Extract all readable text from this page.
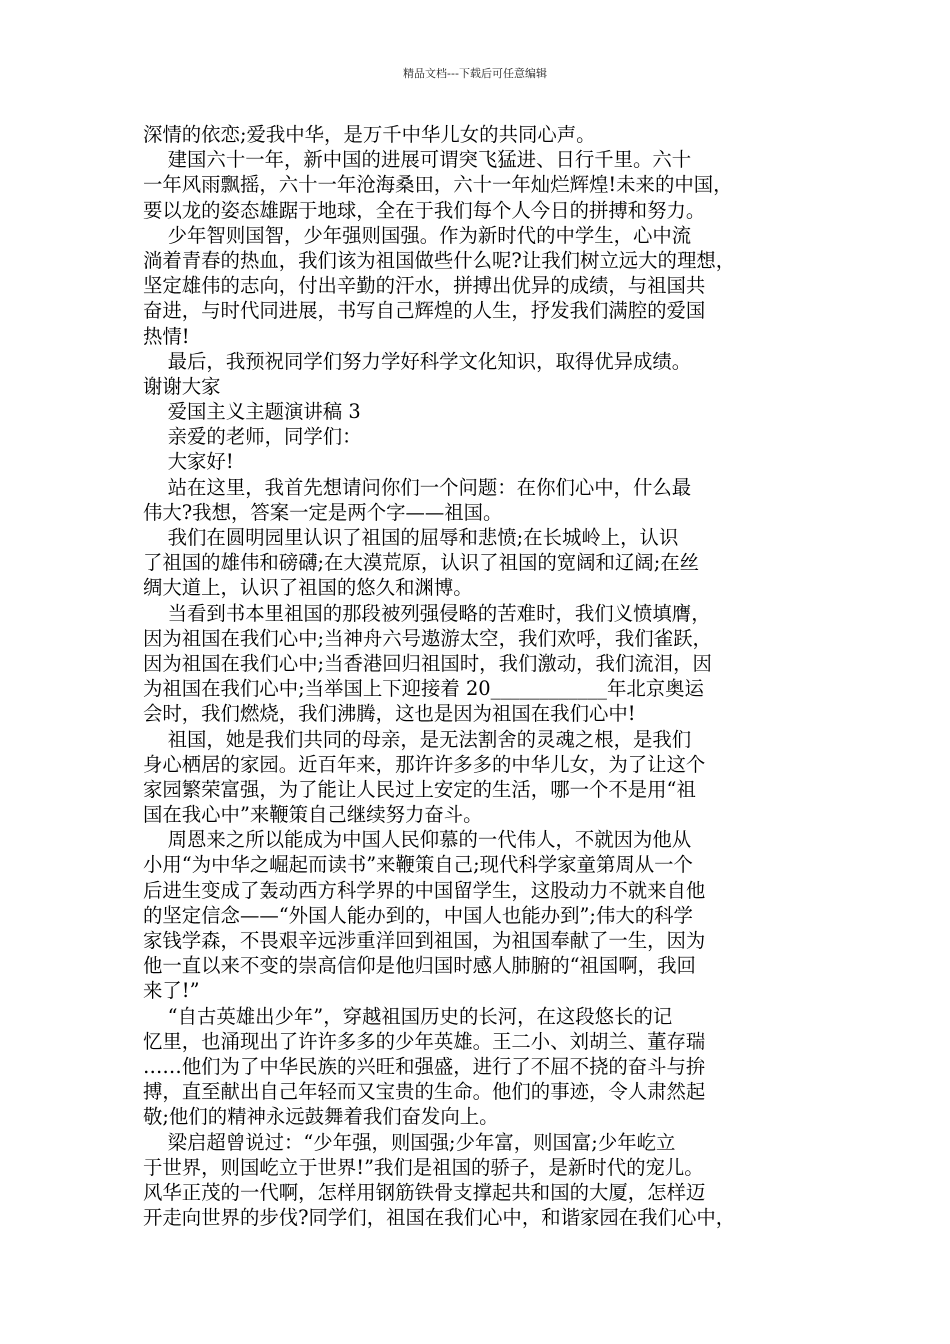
精品文档---下载后可任意编辑
深情的依恋;爱我中华，是万千中华儿女的共同心声。
建国六十一年，新中国的进展可谓突飞猛进、日行千里。六十
一年风雨飘摇，六十一年沧海桑田，六十一年灿烂辉煌!未来的中国，
要以龙的姿态雄踞于地球，全在于我们每个人今日的拼搏和努力。
少年智则国智，少年强则国强。作为新时代的中学生，心中流
淌着青春的热血，我们该为祖国做些什么呢?让我们树立远大的理想，
坚定雄伟的志向，付出辛勤的汗水，拼搏出优异的成绩，与祖国共
奋进，与时代同进展，书写自己辉煌的人生，抒发我们满腔的爱国
热情!
最后，我预祝同学们努力学好科学文化知识，取得优异成绩。
谢谢大家
爱国主义主题演讲稿 3
亲爱的老师，同学们：
大家好!
站在这里，我首先想请问你们一个问题：在你们心中，什么最
伟大?我想，答案一定是两个字——祖国。
我们在圆明园里认识了祖国的屈辱和悲愤;在长城岭上，认识
了祖国的雄伟和磅礴;在大漠荒原，认识了祖国的宽阔和辽阔;在丝
绸大道上，认识了祖国的悠久和渊博。
当看到书本里祖国的那段被列强侵略的苦难时，我们义愤填膺，
因为祖国在我们心中;当神舟六号遨游太空，我们欢呼，我们雀跃，
因为祖国在我们心中;当香港回归祖国时，我们激动，我们流泪，因
为祖国在我们心中;当举国上下迎接着 20____________年北京奥运
会时，我们燃烧，我们沸腾，这也是因为祖国在我们心中!
祖国，她是我们共同的母亲，是无法割舍的灵魂之根，是我们
身心栖居的家园。近百年来，那许许多多的中华儿女，为了让这个
家园繁荣富强，为了能让人民过上安定的生活，哪一个不是用“祖
国在我心中”来鞭策自己继续努力奋斗。
周恩来之所以能成为中国人民仰慕的一代伟人，不就因为他从
小用“为中华之崛起而读书”来鞭策自己;现代科学家童第周从一个
后进生变成了轰动西方科学界的中国留学生，这股动力不就来自他
的坚定信念——“外国人能办到的，中国人也能办到”;伟大的科学
家钱学森，不畏艰辛远涉重洋回到祖国，为祖国奉献了一生，因为
他一直以来不变的崇高信仰是他归国时感人肺腑的“祖国啊，我回
来了!”
“自古英雄出少年”，穿越祖国历史的长河，在这段悠长的记
忆里，也涌现出了许许多多的少年英雄。王二小、刘胡兰、董存瑞
……他们为了中华民族的兴旺和强盛，进行了不屈不挠的奋斗与拚
搏，直至献出自己年轻而又宝贵的生命。他们的事迹，令人肃然起
敬;他们的精神永远鼓舞着我们奋发向上。
梁启超曾说过：“少年强，则国强;少年富，则国富;少年屹立
于世界，则国屹立于世界!”我们是祖国的骄子，是新时代的宠儿。
风华正茂的一代啊，怎样用钢筋铁骨支撑起共和国的大厦，怎样迈
开走向世界的步伐?同学们，祖国在我们心中，和谐家园在我们心中，
